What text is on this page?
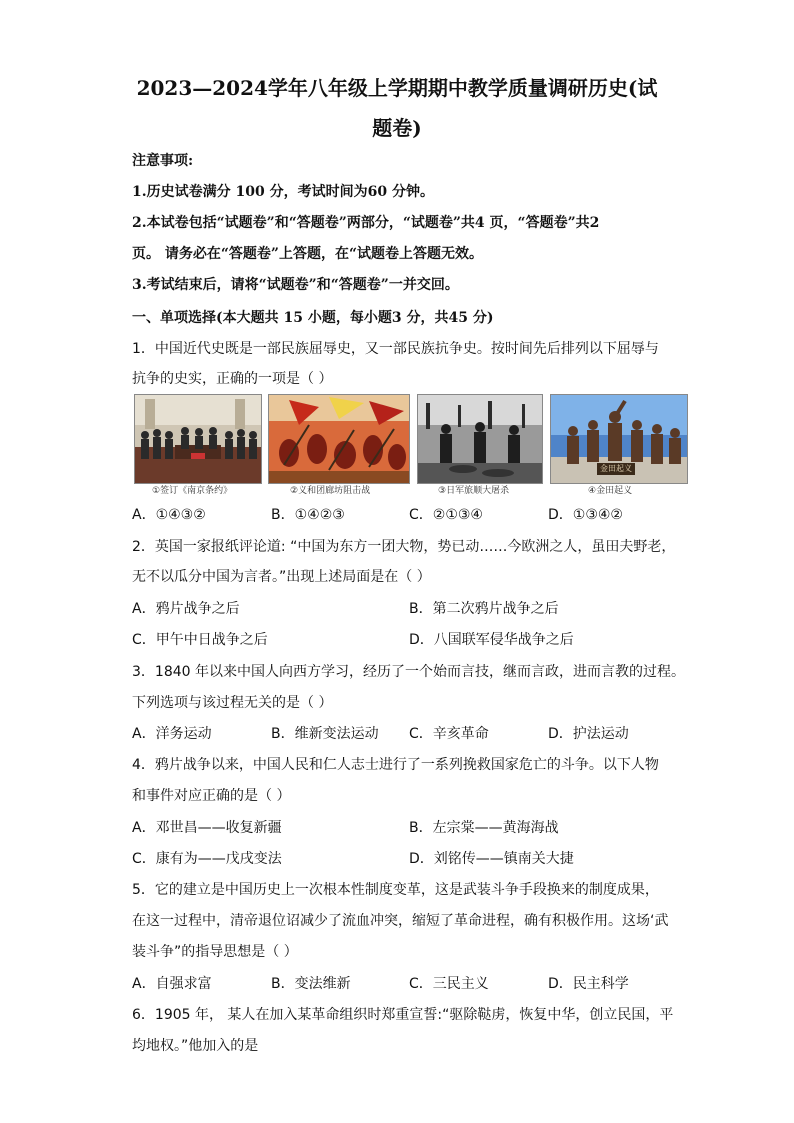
2023—2024学年八年级上学期期中教学质量调研历史(试
题卷)
注意事项:
1.历史试卷满分 100 分，考试时间为60 分钟。
2.本试卷包括“试题卷”和“答题卷”两部分，“试题卷”共4 页，“答题卷”共2
页。 请务必在“答题卷”上答题，在“试题卷上答题无效。
3.考试结束后，请将“试题卷”和“答题卷”一并交回。
一、单项选择(本大题共 15 小题，每小题3 分，共45 分)
1．中国近代史既是一部民族屈辱史，又一部民族抗争史。按时间先后排列以下屈辱与
抗争的史实，正确的一项是（ ）
①签订《南京条约》	②义和团廊坊阻击战	③日军旅顺大屠杀
金田起义
④金田起义
A．①④③②	B．①④②③	C．②①③④	D．①③④②
2．英国一家报纸评论道: “中国为东方一团大物，势已动……今欧洲之人，虽田夫野老，
无不以瓜分中国为言者。”出现上述局面是在（ ）
A．鸦片战争之后	B．第二次鸦片战争之后
C．甲午中日战争之后	D．八国联军侵华战争之后
3．1840 年以来中国人向西方学习，经历了一个始而言技，继而言政，进而言教的过程。
下列选项与该过程无关的是（ ）
A．洋务运动	B．维新变法运动 C．辛亥革命	D．护法运动
4．鸦片战争以来，中国人民和仁人志士进行了一系列挽救国家危亡的斗争。以下人物
和事件对应正确的是（ ）
A．邓世昌——收复新疆	B．左宗棠——黄海海战
C．康有为——戊戌变法	D．刘铭传——镇南关大捷
5．它的建立是中国历史上一次根本性制度变革，这是武装斗争手段换来的制度成果，
在这一过程中，清帝退位诏减少了流血冲突，缩短了革命进程，确有积极作用。这场‘武
装斗争”的指导思想是（ ）
A．自强求富	B．变法维新	C．三民主义	D．民主科学
6．1905 年， 某人在加入某革命组织时郑重宣誓:“驱除鞑虏，恢复中华，创立民国，平
均地权。”他加入的是
